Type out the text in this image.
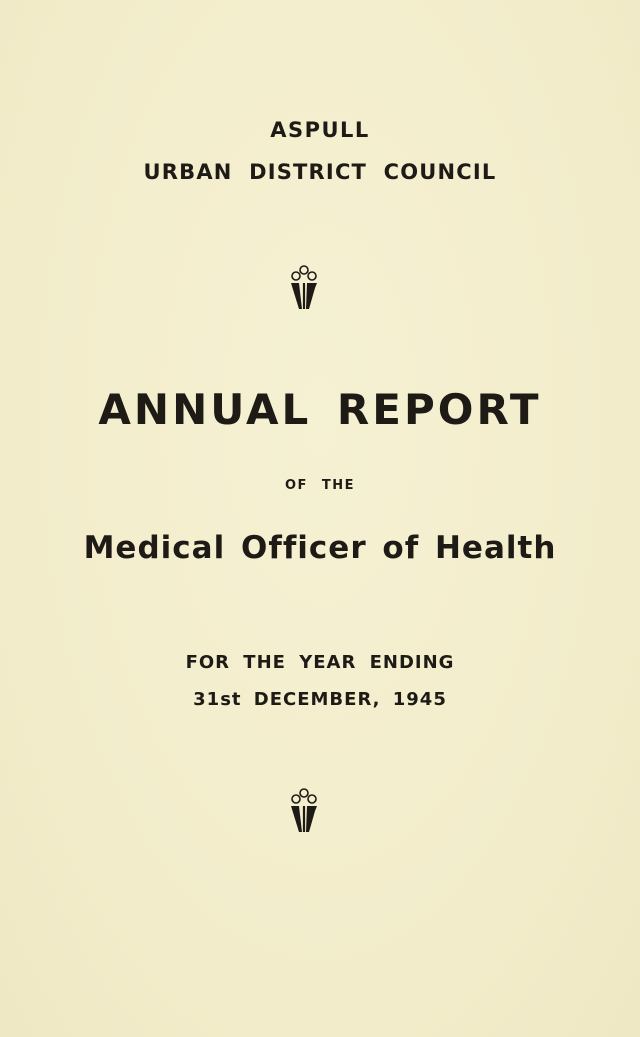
ASPULL
URBAN DISTRICT COUNCIL
ANNUAL REPORT
OF THE
Medical Officer of Health
FOR THE YEAR ENDING
31st DECEMBER, 1945
